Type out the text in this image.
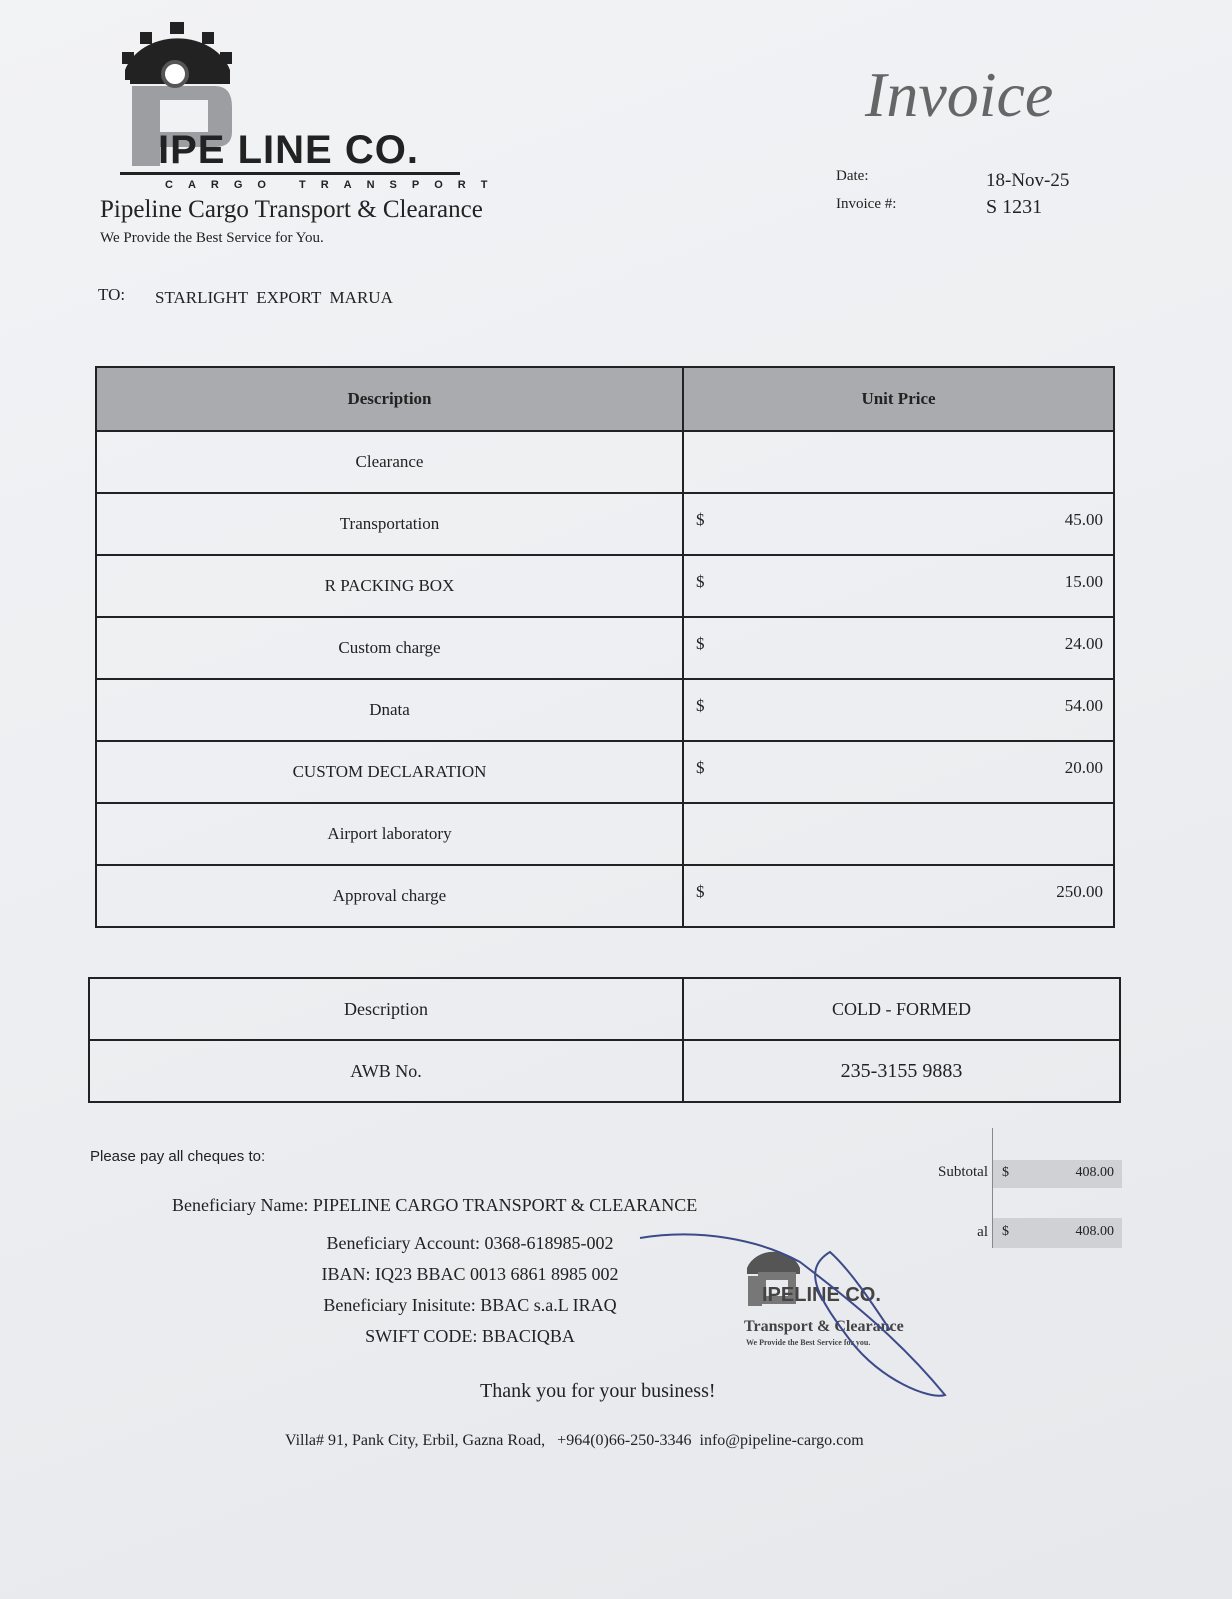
IPE LINE CO.
CARGO TRANSPORT
Pipeline Cargo Transport & Clearance
We Provide the Best Service for You.
Invoice
Date:	18-Nov-25
Invoice #:	S 1231
TO: STARLIGHT  EXPORT  MARUA
Description	Unit Price
Clearance	

Transportation	$ 45.00

R PACKING BOX	$ 15.00

Custom charge	$ 24.00

Dnata	$ 54.00

CUSTOM DECLARATION	$ 20.00

Airport laboratory	

Approval charge	$ 250.00
Description	COLD - FORMED
AWB No.	235-3155 9883
Please pay all cheques to:
Beneficiary Name: PIPELINE CARGO TRANSPORT & CLEARANCE
Beneficiary Account: 0368-618985-002
IBAN: IQ23 BBAC 0013 6861 8985 002
Beneficiary Inisitute: BBAC s.a.L IRAQ
SWIFT CODE: BBACIQBA
Subtotal $	408.00
al $	408.00
IPELINE CO.
Transport & Clearance
We Provide the Best Service for you.
Thank you for your business!
Villa# 91, Pank City, Erbil, Gazna Road,   +964(0)66-250-3346  info@pipeline-cargo.com
